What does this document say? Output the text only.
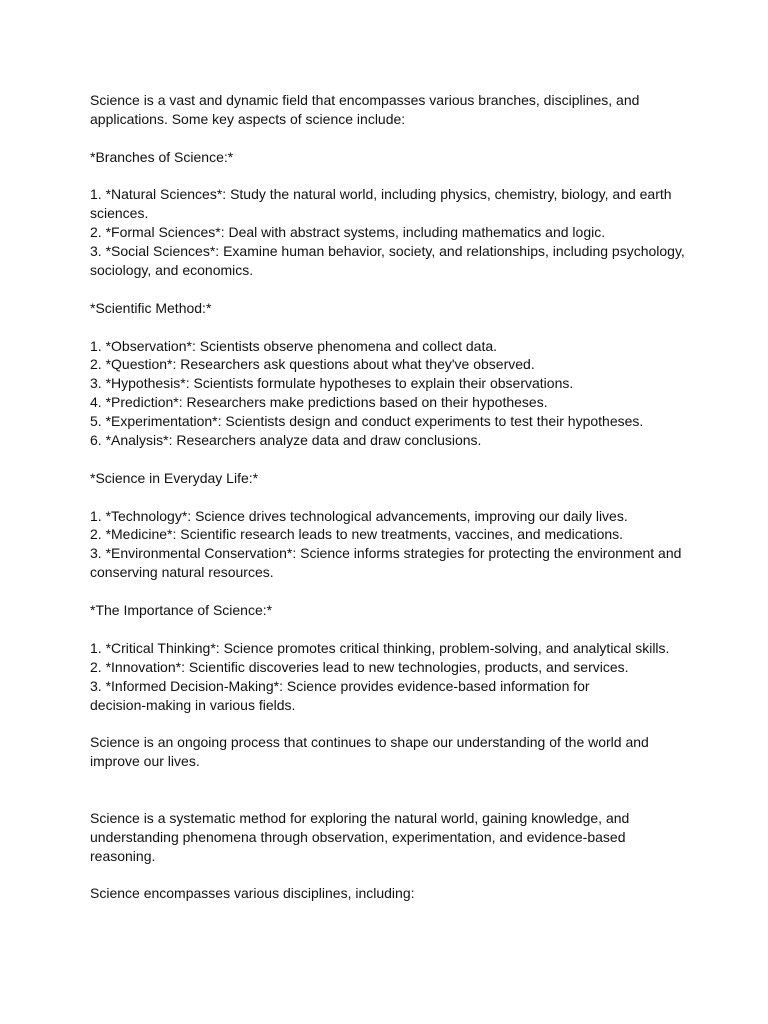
Science is a vast and dynamic field that encompasses various branches, disciplines, and
applications. Some key aspects of science include:
*Branches of Science:*
1. *Natural Sciences*: Study the natural world, including physics, chemistry, biology, and earth
sciences.
2. *Formal Sciences*: Deal with abstract systems, including mathematics and logic.
3. *Social Sciences*: Examine human behavior, society, and relationships, including psychology,
sociology, and economics.
*Scientific Method:*
1. *Observation*: Scientists observe phenomena and collect data.
2. *Question*: Researchers ask questions about what they've observed.
3. *Hypothesis*: Scientists formulate hypotheses to explain their observations.
4. *Prediction*: Researchers make predictions based on their hypotheses.
5. *Experimentation*: Scientists design and conduct experiments to test their hypotheses.
6. *Analysis*: Researchers analyze data and draw conclusions.
*Science in Everyday Life:*
1. *Technology*: Science drives technological advancements, improving our daily lives.
2. *Medicine*: Scientific research leads to new treatments, vaccines, and medications.
3. *Environmental Conservation*: Science informs strategies for protecting the environment and
conserving natural resources.
*The Importance of Science:*
1. *Critical Thinking*: Science promotes critical thinking, problem-solving, and analytical skills.
2. *Innovation*: Scientific discoveries lead to new technologies, products, and services.
3. *Informed Decision-Making*: Science provides evidence-based information for
decision-making in various fields.
Science is an ongoing process that continues to shape our understanding of the world and
improve our lives.
Science is a systematic method for exploring the natural world, gaining knowledge, and
understanding phenomena through observation, experimentation, and evidence-based
reasoning.
Science encompasses various disciplines, including:
